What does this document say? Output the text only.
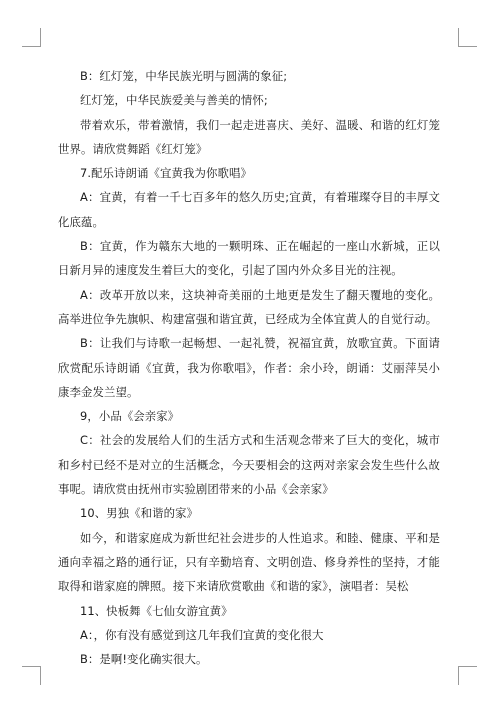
B：红灯笼，中华民族光明与圆满的象征;

红灯笼，中华民族爱美与善美的情怀;

带着欢乐，带着激情，我们一起走进喜庆、美好、温暖、和谐的红灯笼世界。请欣赏舞蹈《红灯笼》

7.配乐诗朗诵《宜黄我为你歌唱》

A：宜黄，有着一千七百多年的悠久历史;宜黄，有着璀璨夺目的丰厚文化底蕴。

B：宜黄，作为赣东大地的一颗明珠、正在崛起的一座山水新城，正以日新月异的速度发生着巨大的变化，引起了国内外众多目光的注视。

A：改革开放以来，这块神奇美丽的土地更是发生了翻天覆地的变化。高举进位争先旗帜、构建富强和谐宜黄，已经成为全体宜黄人的自觉行动。

B：让我们与诗歌一起畅想、一起礼赞，祝福宜黄，放歌宜黄。下面请欣赏配乐诗朗诵《宜黄，我为你歌唱》，作者：余小玲，朗诵：艾丽萍吴小康李金发兰望。

9，小品《会亲家》

C：社会的发展给人们的生活方式和生活观念带来了巨大的变化，城市和乡村已经不是对立的生活概念，今天要相会的这两对亲家会发生些什么故事呢。请欣赏由抚州市实验剧团带来的小品《会亲家》

10、男独《和谐的家》

如今，和谐家庭成为新世纪社会进步的人性追求。和睦、健康、平和是通向幸福之路的通行证，只有辛勤培育、文明创造、修身养性的坚持，才能取得和谐家庭的牌照。接下来请欣赏歌曲《和谐的家》，演唱者：吴松

11、快板舞《七仙女游宜黄》

A：，你有没有感觉到这几年我们宜黄的变化很大

B：是啊!变化确实很大。
